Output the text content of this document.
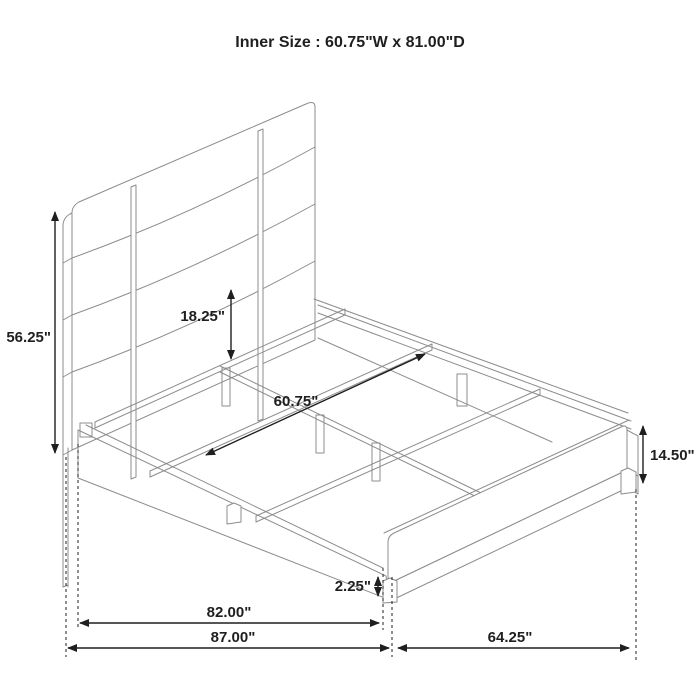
Inner Size : 60.75"W x 81.00"D
56.25"
18.25"
60.75"
14.50"
2.25"
82.00"
87.00"	64.25"
